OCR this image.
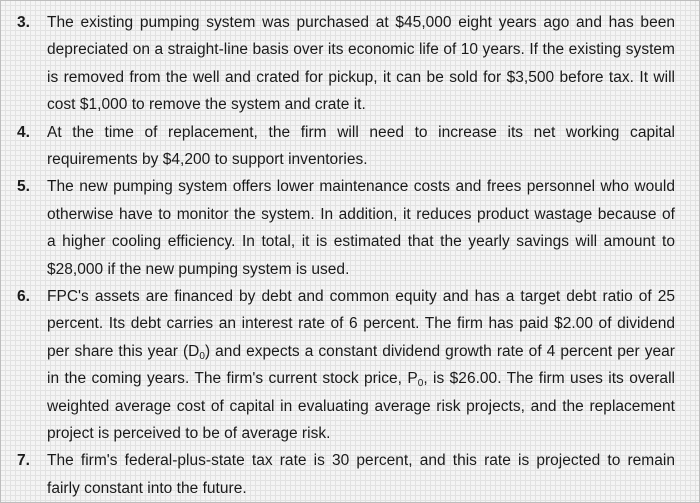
3. The existing pumping system was purchased at $45,000 eight years ago and has been
depreciated on a straight-line basis over its economic life of 10 years. If the existing system
is removed from the well and crated for pickup, it can be sold for $3,500 before tax. It will
cost $1,000 to remove the system and crate it.
4. At the time of replacement, the firm will need to increase its net working capital
requirements by $4,200 to support inventories.
5. The new pumping system offers lower maintenance costs and frees personnel who would
otherwise have to monitor the system. In addition, it reduces product wastage because of
a higher cooling efficiency. In total, it is estimated that the yearly savings will amount to
$28,000 if the new pumping system is used.
6. FPC's assets are financed by debt and common equity and has a target debt ratio of 25
percent. Its debt carries an interest rate of 6 percent. The firm has paid $2.00 of dividend
per share this year $(D_0)$ and expects a constant dividend growth rate of 4 percent per year
in the coming years. The firm's current stock price, $P_0$, is $26.00. The firm uses its overall
weighted average cost of capital in evaluating average risk projects, and the replacement
project is perceived to be of average risk.
7. The firm's federal-plus-state tax rate is 30 percent, and this rate is projected to remain
fairly constant into the future.
